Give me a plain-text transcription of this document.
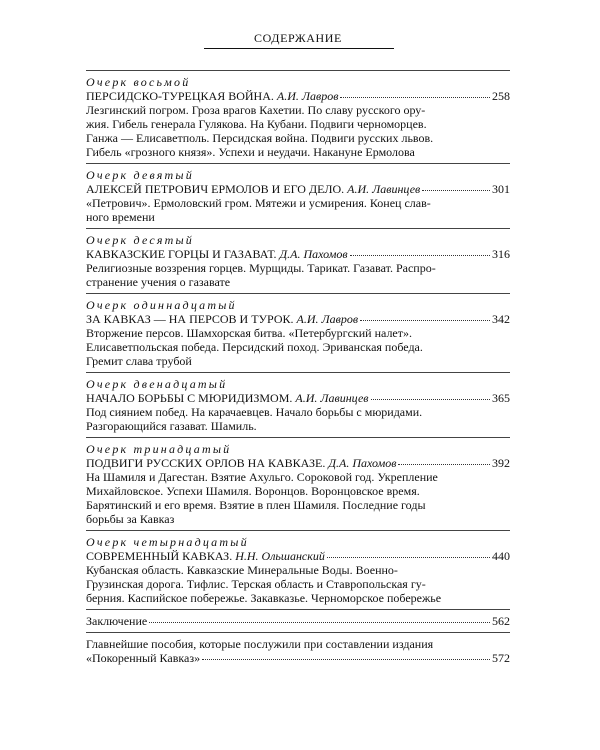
СОДЕРЖАНИЕ
Очерк восьмой
ПЕРСИДСКО-ТУРЕЦКАЯ ВОЙНА. А.И. Лавров	258
Лезгинский погром. Гроза врагов Кахетии. По славу русского ору-
жия. Гибель генерала Гулякова. На Кубани. Подвиги черноморцев.
Ганжа — Елисаветполь. Персидская война. Подвиги русских львов.
Гибель «грозного князя». Успехи и неудачи. Накануне Ермолова
Очерк девятый
АЛЕКСЕЙ ПЕТРОВИЧ ЕРМОЛОВ И ЕГО ДЕЛО. А.И. Лавинцев	301
«Петрович». Ермоловский гром. Мятежи и усмирения. Конец слав-
ного времени
Очерк десятый
КАВКАЗСКИЕ ГОРЦЫ И ГАЗАВАТ. Д.А. Пахомов	316
Религиозные воззрения горцев. Мурщиды. Тарикат. Газават. Распро-
странение учения о газавате
Очерк одиннадцатый
ЗА КАВКАЗ — НА ПЕРСОВ И ТУРОК. А.И. Лавров	342
Вторжение персов. Шамхорская битва. «Петербургский налет».
Елисаветпольская победа. Персидский поход. Эриванская победа.
Гремит слава трубой
Очерк двенадцатый
НАЧАЛО БОРЬБЫ С МЮРИДИЗМОМ. А.И. Лавинцев	365
Под сиянием побед. На карачаевцев. Начало борьбы с мюридами.
Разгорающийся газават. Шамиль.
Очерк тринадцатый
ПОДВИГИ РУССКИХ ОРЛОВ НА КАВКАЗЕ. Д.А. Пахомов	392
На Шамиля и Дагестан. Взятие Ахульго. Сороковой год. Укрепление
Михайловское. Успехи Шамиля. Воронцов. Воронцовское время.
Барятинский и его время. Взятие в плен Шамиля. Последние годы
борьбы за Кавказ
Очерк четырнадцатый
СОВРЕМЕННЫЙ КАВКАЗ. Н.Н. Ольшанский	440
Кубанская область. Кавказские Минеральные Воды. Военно-
Грузинская дорога. Тифлис. Терская область и Ставропольская гу-
берния. Каспийское побережье. Закавказье. Черноморское побережье
Заключение	562
Главнейшие пособия, которые послужили при составлении издания
«Покоренный Кавказ»	572
